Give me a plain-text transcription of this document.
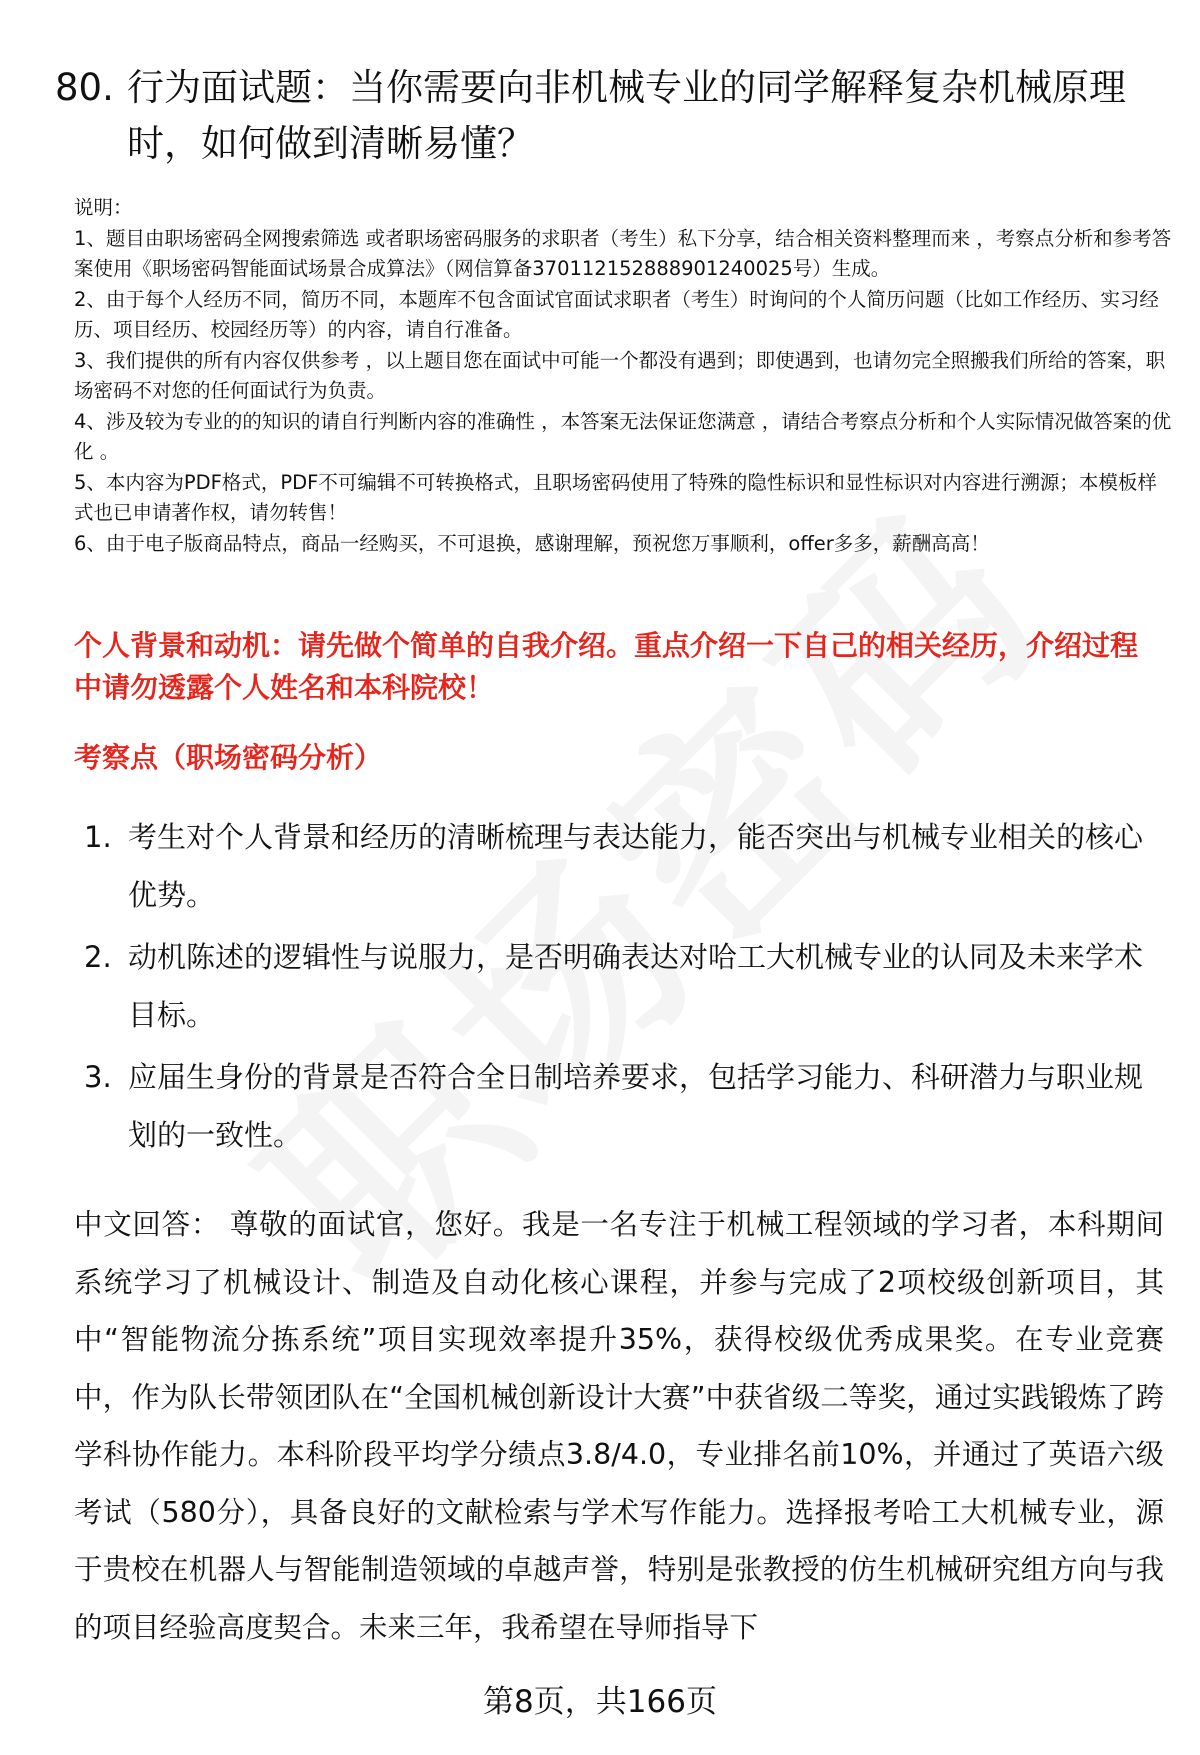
80. 行为面试题：当你需要向非机械专业的同学解释复杂机械原理时，如何做到清晰易懂？
说明：
1、题目由职场密码全网搜索筛选 或者职场密码服务的求职者（考生）私下分享，结合相关资料整理而来 ，考察点分析和参考答案使用《职场密码智能面试场景合成算法》（网信算备370112152888901240025号）生成。
2、由于每个人经历不同，简历不同，本题库不包含面试官面试求职者（考生）时询问的个人简历问题（比如工作经历、实习经历、项目经历、校园经历等）的内容，请自行准备。
3、我们提供的所有内容仅供参考 ，以上题目您在面试中可能一个都没有遇到；即使遇到，也请勿完全照搬我们所给的答案，职场密码不对您的任何面试行为负责。
4、涉及较为专业的的知识的请自行判断内容的准确性 ，本答案无法保证您满意 ，请结合考察点分析和个人实际情况做答案的优化 。
5、本内容为PDF格式，PDF不可编辑不可转换格式，且职场密码使用了特殊的隐性标识和显性标识对内容进行溯源；本模板样式也已申请著作权，请勿转售！
6、由于电子版商品特点，商品一经购买，不可退换，感谢理解，预祝您万事顺利，offer多多，薪酬高高！
个人背景和动机：请先做个简单的自我介绍。重点介绍一下自己的相关经历，介绍过程中请勿透露个人姓名和本科院校！
考察点（职场密码分析）
1. 考生对个人背景和经历的清晰梳理与表达能力，能否突出与机械专业相关的核心优势。
2. 动机陈述的逻辑性与说服力，是否明确表达对哈工大机械专业的认同及未来学术目标。
3. 应届生身份的背景是否符合全日制培养要求，包括学习能力、科研潜力与职业规划的一致性。
中文回答： 尊敬的面试官，您好。我是一名专注于机械工程领域的学习者，本科期间系统学习了机械设计、制造及自动化核心课程，并参与完成了2项校级创新项目，其中“智能物流分拣系统”项目实现效率提升35%，获得校级优秀成果奖。在专业竞赛中，作为队长带领团队在“全国机械创新设计大赛”中获省级二等奖，通过实践锻炼了跨学科协作能力。本科阶段平均学分绩点3.8/4.0，专业排名前10%，并通过了英语六级考试（580分），具备良好的文献检索与学术写作能力。选择报考哈工大机械专业，源于贵校在机器人与智能制造领域的卓越声誉，特别是张教授的仿生机械研究组方向与我的项目经验高度契合。未来三年，我希望在导师指导下
第8页，共166页
